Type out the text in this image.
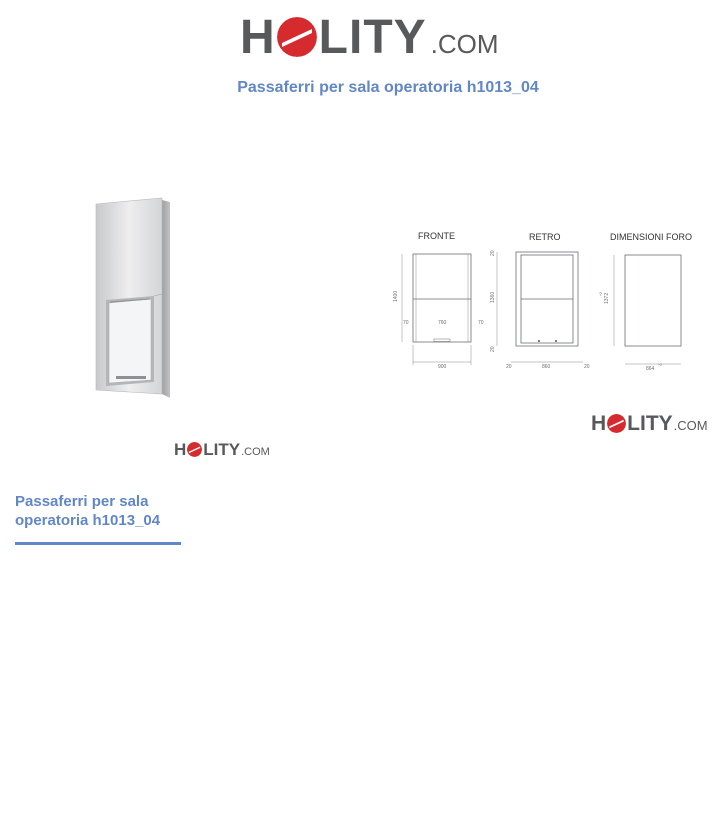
H LITY .COM
Passaferri per sala operatoria h1013_04
H LITY .COM
FRONTE	RETRO	DIMENSIONI FORO
1400
70	760	70
900
20
1360
20
20	860	20
1372
+2
864
+2
H LITY .COM
Passaferri per sala operatoria h1013_04
